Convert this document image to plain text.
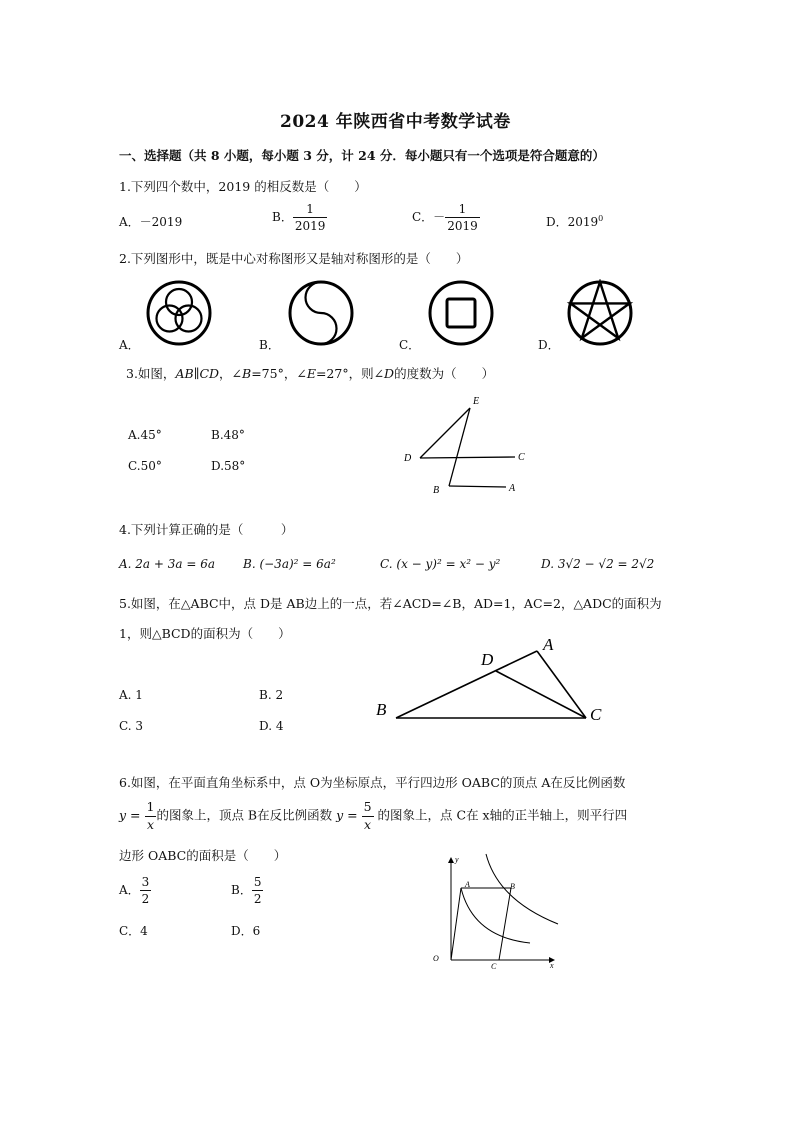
2024 年陕西省中考数学试卷
一、选择题（共 8 小题，每小题 3 分，计 24 分．每小题只有一个选项是符合题意的）
1.下列四个数中，2019 的相反数是（　　）
A．－2019	B． $\frac{1}{2019}$	C．－ $\frac{1}{2019}$	D．2019$^0$
2.下列图形中，既是中心对称图形又是轴对称图形的是（　　）
A．	B．	C．	D．
3.如图，AB∥CD，∠B=75°，∠E=27°，则∠D的度数为（　　）
A.45°	B.48°
C.50°	D.58°
E
D	C
B	A
4.下列计算正确的是（　　　）
A. 2a + 3a = 6a B. (−3a)² = 6a²	C. (x − y)² = x² − y²	D. 3√2 − √2 = 2√2
5.如图，在△ABC中，点 D是 AB边上的一点，若∠ACD=∠B，AD=1，AC=2，△ADC的面积为
1，则△BCD的面积为（　　）
A. 1	B. 2
C. 3	D. 4
A
B	C
D
6.如图，在平面直角坐标系中，点 O为坐标原点，平行四边形 OABC的顶点 A在反比例函数
$y = \frac{1}{x}$ 的图象上，顶点 B在反比例函数 $y = \frac{5}{x}$ 的图象上，点 C在 x轴的正半轴上，则平行四
边形 OABC的面积是（　　）
A． $\frac{3}{2}$	B． $\frac{5}{2}$
C．4	D．6
y
x
O
A	B
C
